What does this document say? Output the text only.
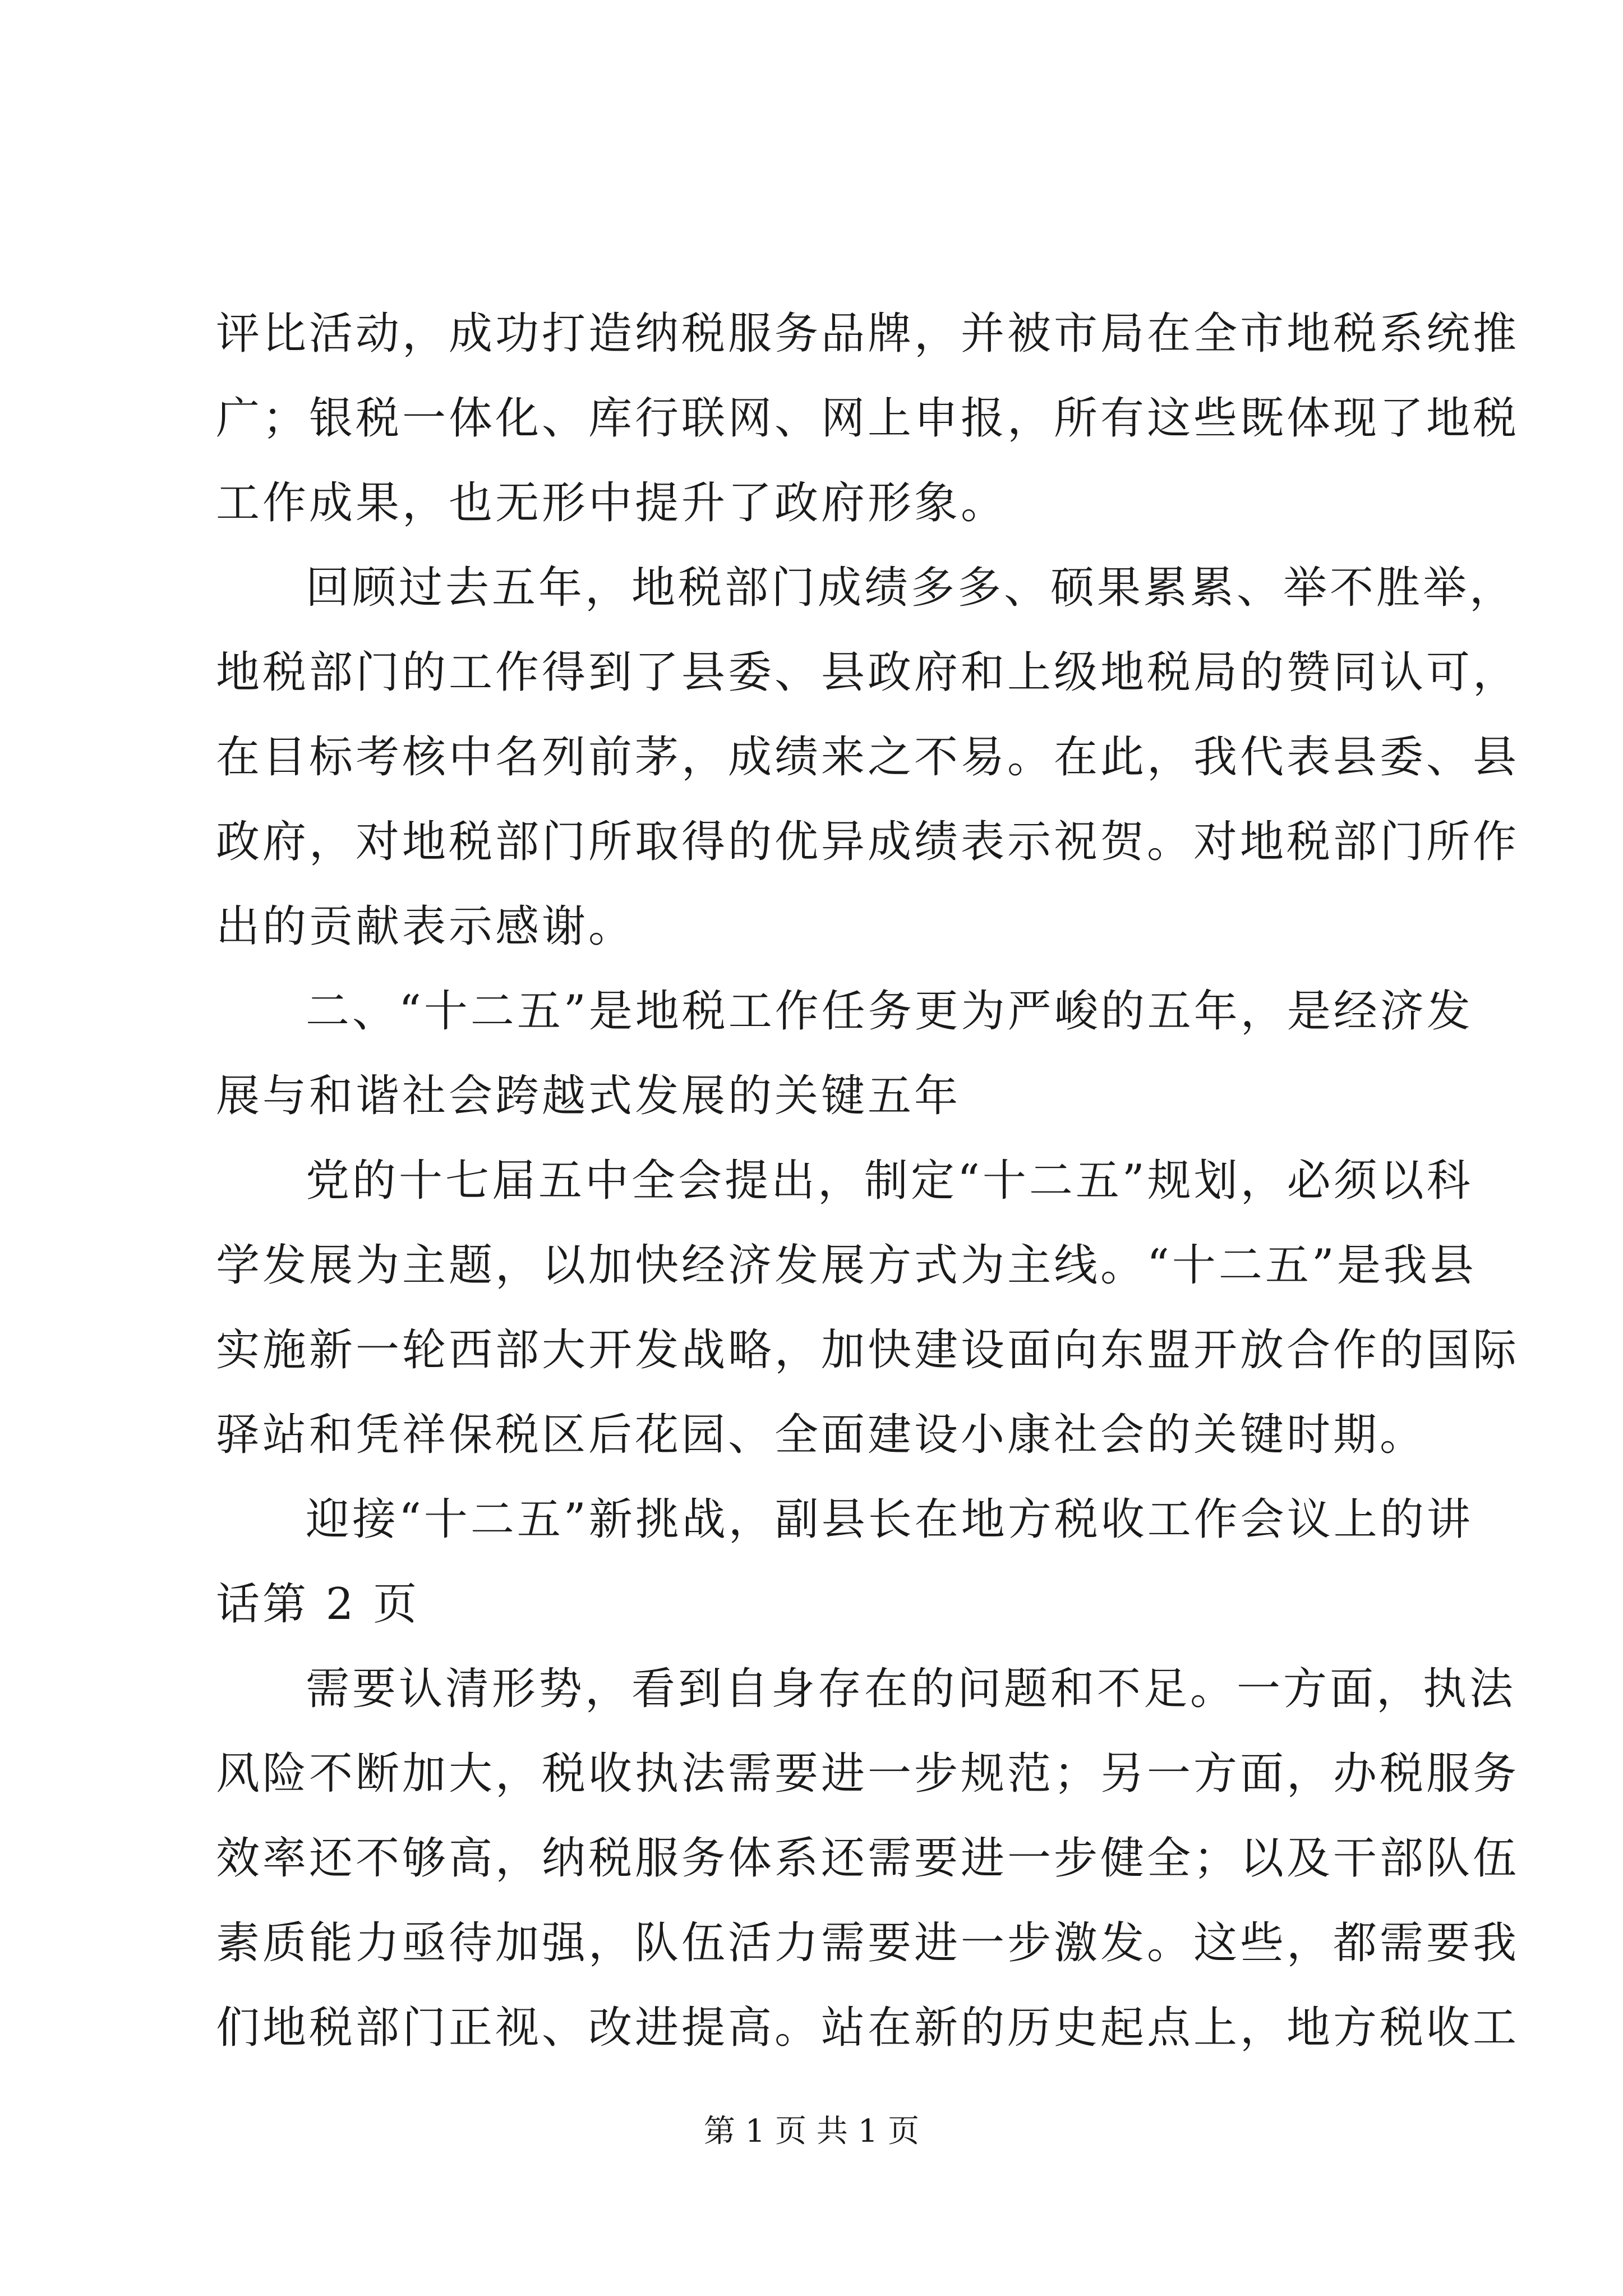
评比活动，成功打造纳税服务品牌，并被市局在全市地税系统推
广；银税一体化、库行联网、网上申报，所有这些既体现了地税
工作成果，也无形中提升了政府形象。
回顾过去五年，地税部门成绩多多、硕果累累、举不胜举，
地税部门的工作得到了县委、县政府和上级地税局的赞同认可，
在目标考核中名列前茅，成绩来之不易。在此，我代表县委、县
政府，对地税部门所取得的优异成绩表示祝贺。对地税部门所作
出的贡献表示感谢。
二、“十二五”是地税工作任务更为严峻的五年，是经济发
展与和谐社会跨越式发展的关键五年
党的十七届五中全会提出，制定“十二五”规划，必须以科
学发展为主题，以加快经济发展方式为主线。“十二五”是我县
实施新一轮西部大开发战略，加快建设面向东盟开放合作的国际
驿站和凭祥保税区后花园、全面建设小康社会的关键时期。
迎接“十二五”新挑战，副县长在地方税收工作会议上的讲
话第 2 页
需要认清形势，看到自身存在的问题和不足。一方面，执法
风险不断加大，税收执法需要进一步规范；另一方面，办税服务
效率还不够高，纳税服务体系还需要进一步健全；以及干部队伍
素质能力亟待加强，队伍活力需要进一步激发。这些，都需要我
们地税部门正视、改进提高。站在新的历史起点上，地方税收工
第 1 页 共 1 页
